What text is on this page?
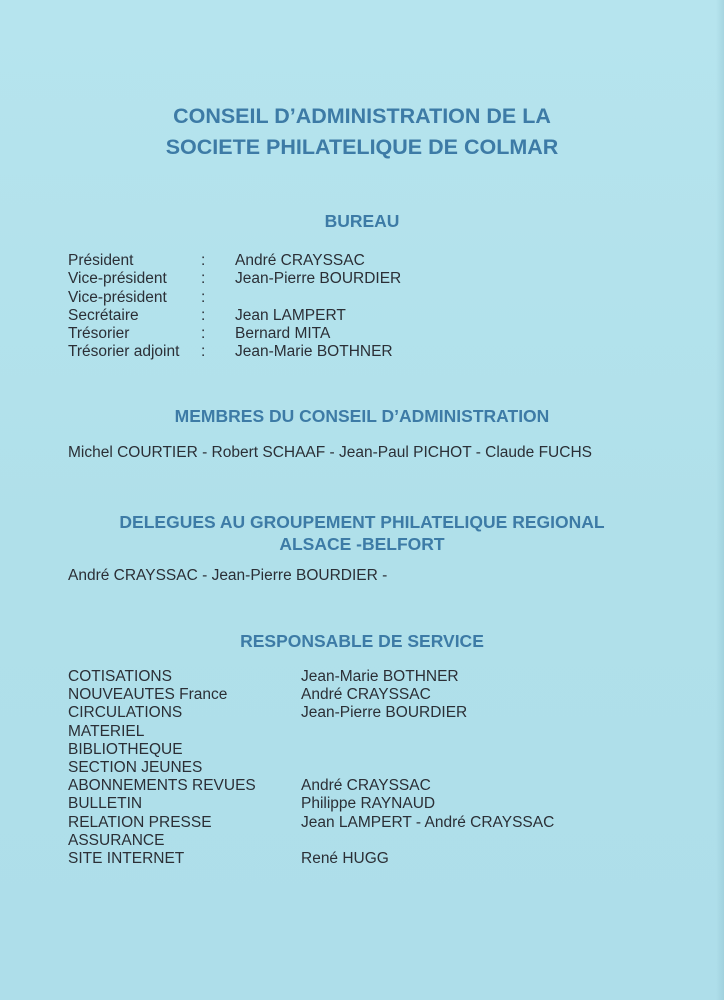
CONSEIL D’ADMINISTRATION DE LA
SOCIETE PHILATELIQUE DE COLMAR
BUREAU
Président	: André CRAYSSAC
Vice-président : Jean-Pierre BOURDIER
Vice-président :
Secrétaire	: Jean LAMPERT
Trésorier	: Bernard MITA
Trésorier adjoint : Jean-Marie BOTHNER
MEMBRES DU CONSEIL D’ADMINISTRATION
Michel COURTIER - Robert SCHAAF - Jean-Paul PICHOT - Claude FUCHS
DELEGUES AU GROUPEMENT PHILATELIQUE REGIONAL
ALSACE -BELFORT
André CRAYSSAC - Jean-Pierre BOURDIER -
RESPONSABLE DE SERVICE
COTISATIONS	Jean-Marie BOTHNER
NOUVEAUTES France	André CRAYSSAC
CIRCULATIONS	Jean-Pierre BOURDIER
MATERIEL
BIBLIOTHEQUE
SECTION JEUNES
ABONNEMENTS REVUES	André CRAYSSAC
BULLETIN	Philippe RAYNAUD
RELATION PRESSE	Jean LAMPERT - André CRAYSSAC
ASSURANCE
SITE INTERNET	René HUGG
